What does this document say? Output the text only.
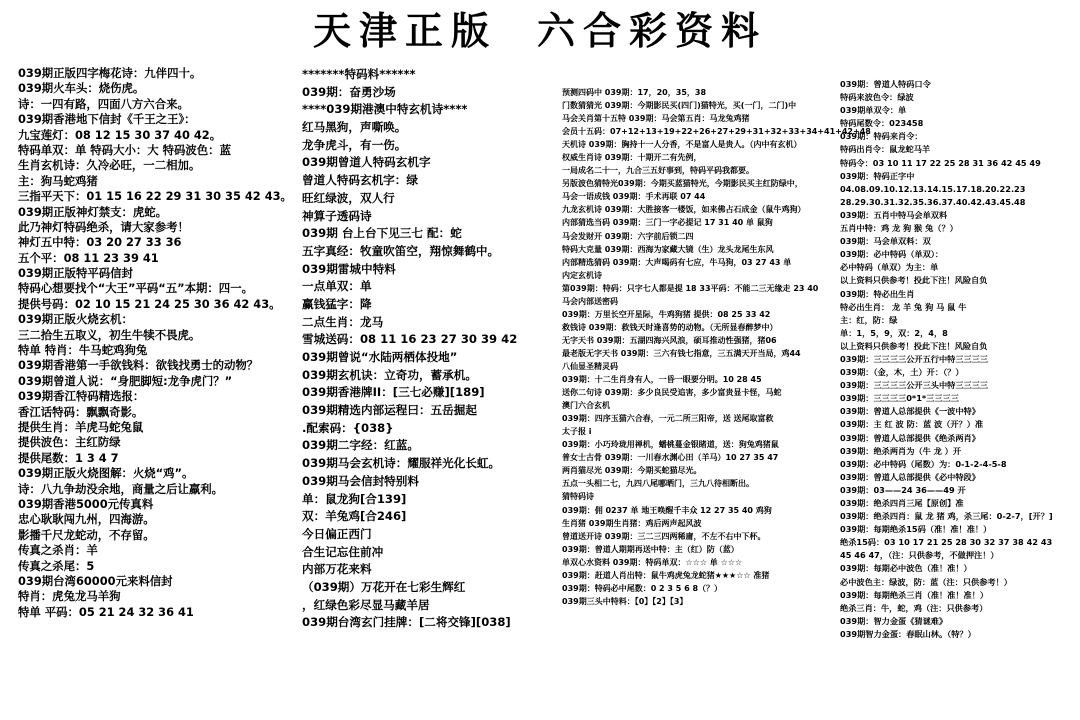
天津正版 六合彩资料
039期正版四字梅花诗：九伴四十。
039期火车头：烧伤虎。
诗：一四有路，四面八方六合来。
039期香港地下信封《千王之王》：
九宝莲灯：08 12 15 30 37 40 42。
特码单双：单 特码大小：大 特码波色：蓝
生肖玄机诗：久冷必旺，一二相加。
主：狗马蛇鸡猪
三指平天下：01 15 16 22 29 31 30 35 42 43。
039期正版神灯禁支：虎蛇。
此乃神灯特码绝杀，请大家参考！
神灯五中特：03 20 27 33 36
五个平：08 11 23 39 41
039期正版特平码信封
特码心想要找个“大王”平码“五”本期：四一。
提供号码：02 10 15 21 24 25 30 36 42 43。
039期正版火烧玄机：
三二拾生五取义，初生牛犊不畏虎。
特单 特肖：牛马蛇鸡狗兔
039期香港第一手欲钱料：欲钱找勇士的动物？
039期曾道人说：“身肥脚短:龙争虎门？”
039期香江特码精选报：
香江话特码：飘飘奇影。
提供生肖：羊虎马蛇兔鼠
提供波色：主红防绿
提供尾数：1 3 4 7
039期正版火烧图解：火烧“鸡”。
诗：八九争劫没余地，商量之后让羸利。
039期香港5000元传真料
忠心耿耿闯九州，四海游。
影播千尺龙蛇动，不存留。
传真之杀肖：羊
传真之杀尾：5
039期台湾60000元来料信封
特肖：虎兔龙马羊狗
特单 平码：05 21 24 32 36 41
*******特码料******
039期：奋勇沙场
****039期港澳中特玄机诗****
红马黑狗，声嘶唤。
龙争虎斗，有一伤。
039期曾道人特码玄机字
曾道人特码玄机字：绿
旺红绿波，双人行
神算子透码诗
039期 台上台下见三七 配：蛇
五字真经：牧童吹笛空，翔惊舞鹤中。
039期雷城中特料
一点单双：单
赢钱猛字：降
二点生肖：龙马
雪城送码：08 11 16 23 27 30 39 42
039期曾说“水陆两栖体投地”
039期玄机诀：立奇功，蓄承机。
039期香港牌II：[三七必赚][189]
039期精选内部运程曰：五岳掘起
.配索码：{038}
039期二字经：红蓝。
039期马会玄机诗：耀服祥光化长虹。
039期马会信封特别料
单：鼠龙狗[合139]
双：羊兔鸡[合246]
今日偏正西门
合生记忘住前冲
内部万花来料
（039期）万花开在七彩生辉红
，红绿色彩尽显马藏羊居
039期台湾玄门挂牌：[二将交锋][038]
预测四码中 039期：17，20，35，38
门数猜猜光 039期：今期影民买(四门)猫特光，买(一门，二门)中
马会关肖第十五特 039期：马会第五肖：马龙兔鸡猪
会员十五码：07+12+13+19+22+26+27+29+31+32+33+34+41+42+48
天机诗 039期：胸持十一人分香，不是富人是贵人。（内中有玄机）
权威生肖诗 039期：十期开二有先例，
一局成名二十一，九合三五好事到，特码平码我都要。
另版波色猜特光039期：今期买蓝猫特光，今期影民买主红防绿中，
马会一语成钱 039期：手术再联 07 44
九龙玄机诗 039期：大胜接客一楼饭，如来佛占石成金（鼠牛鸡狗）
内部猜选当码 039期：三门一字必提记 17 31 40 单 鼠狗
马会发财开 039期：六字前后锁二四
特码大克量 039期：西海为家藏大镜（生）龙头龙尾生东风
内部精选猜码 039期：大声喝码有七应，牛马狗，03 27 43 单
内定玄机诗
第039期：特码：只字七人都是提 18 33平码：不能二三无缘走 23 40
马会内部送密码
039期：万里长空开星际，牛鸡狗猪 提供：08 25 33 42
救钱诗 039期：救钱天时逢喜势的动物。（无所显春醉梦中）
无字天书 039期：五湖四海兴风浪，硕耳推动性强猪，猪06
最老版无字天书 039期：三六有钱七指意，三五满天开当局，鸡44
八仙显圣精灵码
039期：十二生肖身有人，一昏一眼要分明。10 28 45
送你二句诗 039期：多少良民受追害，多少富贵显卡怪，马蛇
澳门六合玄机
039期：四序玉猫六合春，一元二所三阳帝，送 送尾取富救
太子报 i
039期：小巧玲珑用禅机，蟠桃蔓金银睹道，送：狗兔鸡猪鼠
普女士古骨 039期：一川春水渊心田（羊马）10 27 35 47
两肖猫尽光 039期：今期买蛇猫尽光。
五点一头相二七，九四八尾哪晒门，三九八待相断出。
猜特码诗
039期：佣 0237 单 地王唤醒千丰众 12 27 35 40 鸡狗
生肖猪 039期生肖猪：鸡后两声起风波
曾道送开诗 039期：三二三四两稀庸，不左不右中下杯。
039期：曾道人期期再送中特：主（红）防（蓝）
单双心水资料 039期：特码单双：☆☆☆ 单 ☆☆☆
039期：赶道人肖出特：鼠牛鸡虎兔龙蛇猪★★★☆☆ 准猪
039期：特码必中尾数：0 2 3 5 6 8（？）
039期三头中特料：【0】【2】【3】
039期：曾道人特码口令
特码来波色令：绿波
039期单双令：单
特码尾数令：023458
039期：特码来肖令：
特码出肖令：鼠龙蛇马羊
特码令：03 10 11 17 22 25 28 31 36 42 45 49
039期：特码正字中
04.08.09.10.12.13.14.15.17.18.20.22.23
28.29.30.31.32.35.36.37.40.42.43.45.48
039期：五肖中特马会单双料
五肖中特：鸡 龙 狗 猴 兔（？）
039期：马会单双料：双
039期：必中特码（单双）：
必中特码（单双）为主：单
以上资料只供参考！投此下注！风险自负
039期：特必出生肖
特必出生肖： 龙 羊 兔 狗 马 鼠 牛
主：红，防：绿
单：1，5，9，双：2，4，8
以上资料只供参考！投此下注！风险自负
039期：三三三三公开五行中特三三三三
039期：（金，木，土）开：（？）
039期：三三三三公开三头中特三三三三
039期：三三三三0*1*三三三三
039期：曾道人总部提供《一波中特》
039期：主 红 波 防：蓝 波（开？）准
039期：曾道人总部提供《绝杀两肖》
039期：绝杀两肖为（牛 龙 ）开
039期：必中特码（尾数）为：0-1-2-4-5-8
039期：曾道人总部提供《必中特段》
039期：03——24 36——49 开
039期：绝杀四肖三尾【原创】准
039期：绝杀四肖：鼠 龙 猪 鸡，杀三尾：0-2-7，[开？]
039期：每期绝杀15码（准！准！准！）
绝杀15码：03 10 17 21 25 28 30 32 37 38 42 43
45 46 47，（注：只供参考，不做押注！）
039期：每期必中波色（准！准！）
必中波色主：绿波，防：蓝（注：只供参考！）
039期：每期绝杀三肖（准！准！准！）
绝杀三肖：牛，蛇，鸡（注：只供参考）
039期：智力金蛋《猜谜难》
039期智力金蛋：春眠山林。（特？）
